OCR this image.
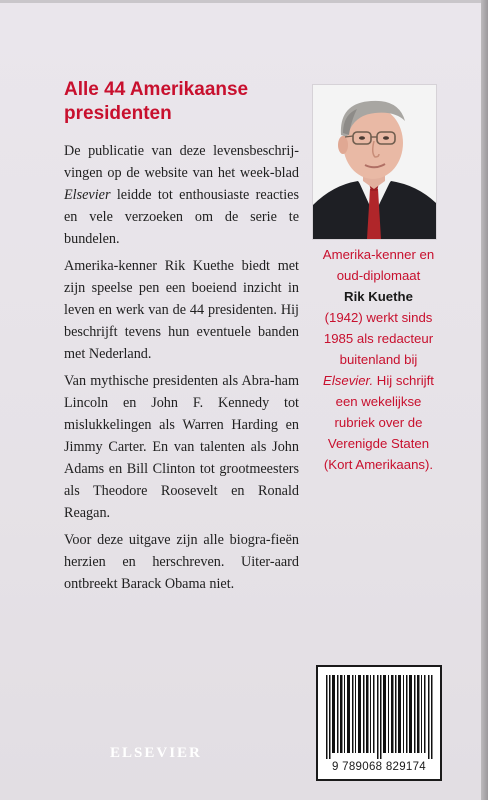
Alle 44 Amerikaanse presidenten

De publicatie van deze levensbeschrij-vingen op de website van het week-blad Elsevier leidde tot enthousiaste reacties en vele verzoeken om de serie te bundelen.

Amerika-kenner Rik Kuethe biedt met zijn speelse pen een boeiend inzicht in leven en werk van de 44 presidenten. Hij beschrijft tevens hun eventuele banden met Nederland.

Van mythische presidenten als Abra-ham Lincoln en John F. Kennedy tot mislukkelingen als Warren Harding en Jimmy Carter. En van talenten als John Adams en Bill Clinton tot grootmeesters als Theodore Roosevelt en Ronald Reagan.

Voor deze uitgave zijn alle biogra-fieën herzien en herschreven. Uiter-aard ontbreekt Barack Obama niet.

Amerika-kenner en oud-diplomaat
Rik Kuethe
(1942) werkt sinds 1985 als redacteur buitenland bij Elsevier. Hij schrijft een wekelijkse rubriek over de Verenigde Staten (Kort Amerikaans).
ELSEVIER
9 789068 829174
